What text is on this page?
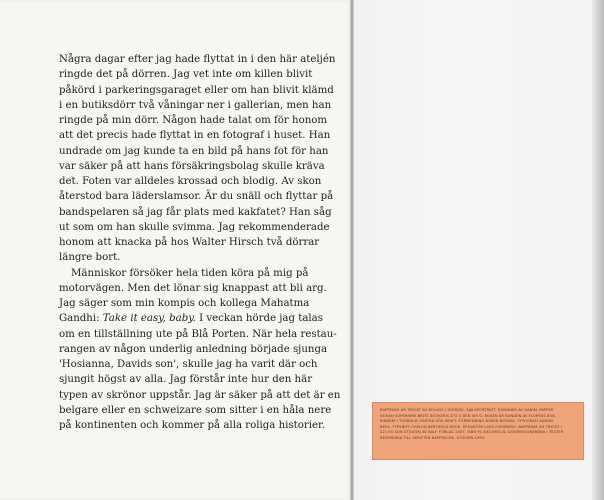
Några dagar efter jag hade flyttat in i den här ateljén
ringde det på dörren. Jag vet inte om killen blivit
påkörd i parkeringsgaraget eller om han blivit klämd
i en butiksdörr två våningar ner i gallerian, men han
ringde på min dörr. Någon hade talat om för honom
att det precis hade flyttat in en fotograf i huset. Han
undrade om jag kunde ta en bild på hans fot för han
var säker på att hans försäkringsbolag skulle kräva
det. Foten var alldeles krossad och blodig. Av skon
återstod bara läderslamsor. Är du snäll och flyttar på
bandspelaren så jag får plats med kakfatet? Han såg
ut som om han skulle svimma. Jag rekommenderade
honom att knacka på hos Walter Hirsch två dörrar
längre bort.
Människor försöker hela tiden köra på mig på
motorvägen. Men det lönar sig knappast att bli arg.
Jag säger som min kompis och kollega Mahatma
Gandhi: Take it easy, baby. I veckan hörde jag talas
om en tillställning ute på Blå Porten. När hela restau-
rangen av någon underlig anledning började sjunga
'Hosianna, Davids son', skulle jag ha varit där och
sjungit högst av alla. Jag förstår inte hur den här
typen av skrönor uppstår. Jag är säker på att det är en
belgare eller en schweizare som sitter i en håla nere
på kontinenten och kommer på alla roliga historier.
BAPPENSE ÄR TRYCKT AV BOLAGS I SVERIGE. SJÄLSPORTRÄTT. ROMANER AV DANIEL PAPPER
NOHAN SUPERHIRE BRITS BOOKERIS ZTS S DEN SIR G. BOKEN ÄR BUNDEN AV FLORYDS BOK-
BINDERI I TORBHLM. FÄRTEN SÖK KRAFT. FÖRMEDNING BOKEN NORDIA. TYPOGRAFI AARDN
BEHL. TYPSNITT CHELON BERTHOLD BOOK. REDAKTÖR LARS FORSBERG. BAPPENSE ÄR TRYCKT I
S21 EX SON UTGIVEN AV BALF FÖRLAG 2007. ISBN 91-633-9802-8. DISKRIKSIONARBNA I TESTER
REFERENSA TILL SKRIFTEN BAPPSECHE. UTGIVEN 1999.
